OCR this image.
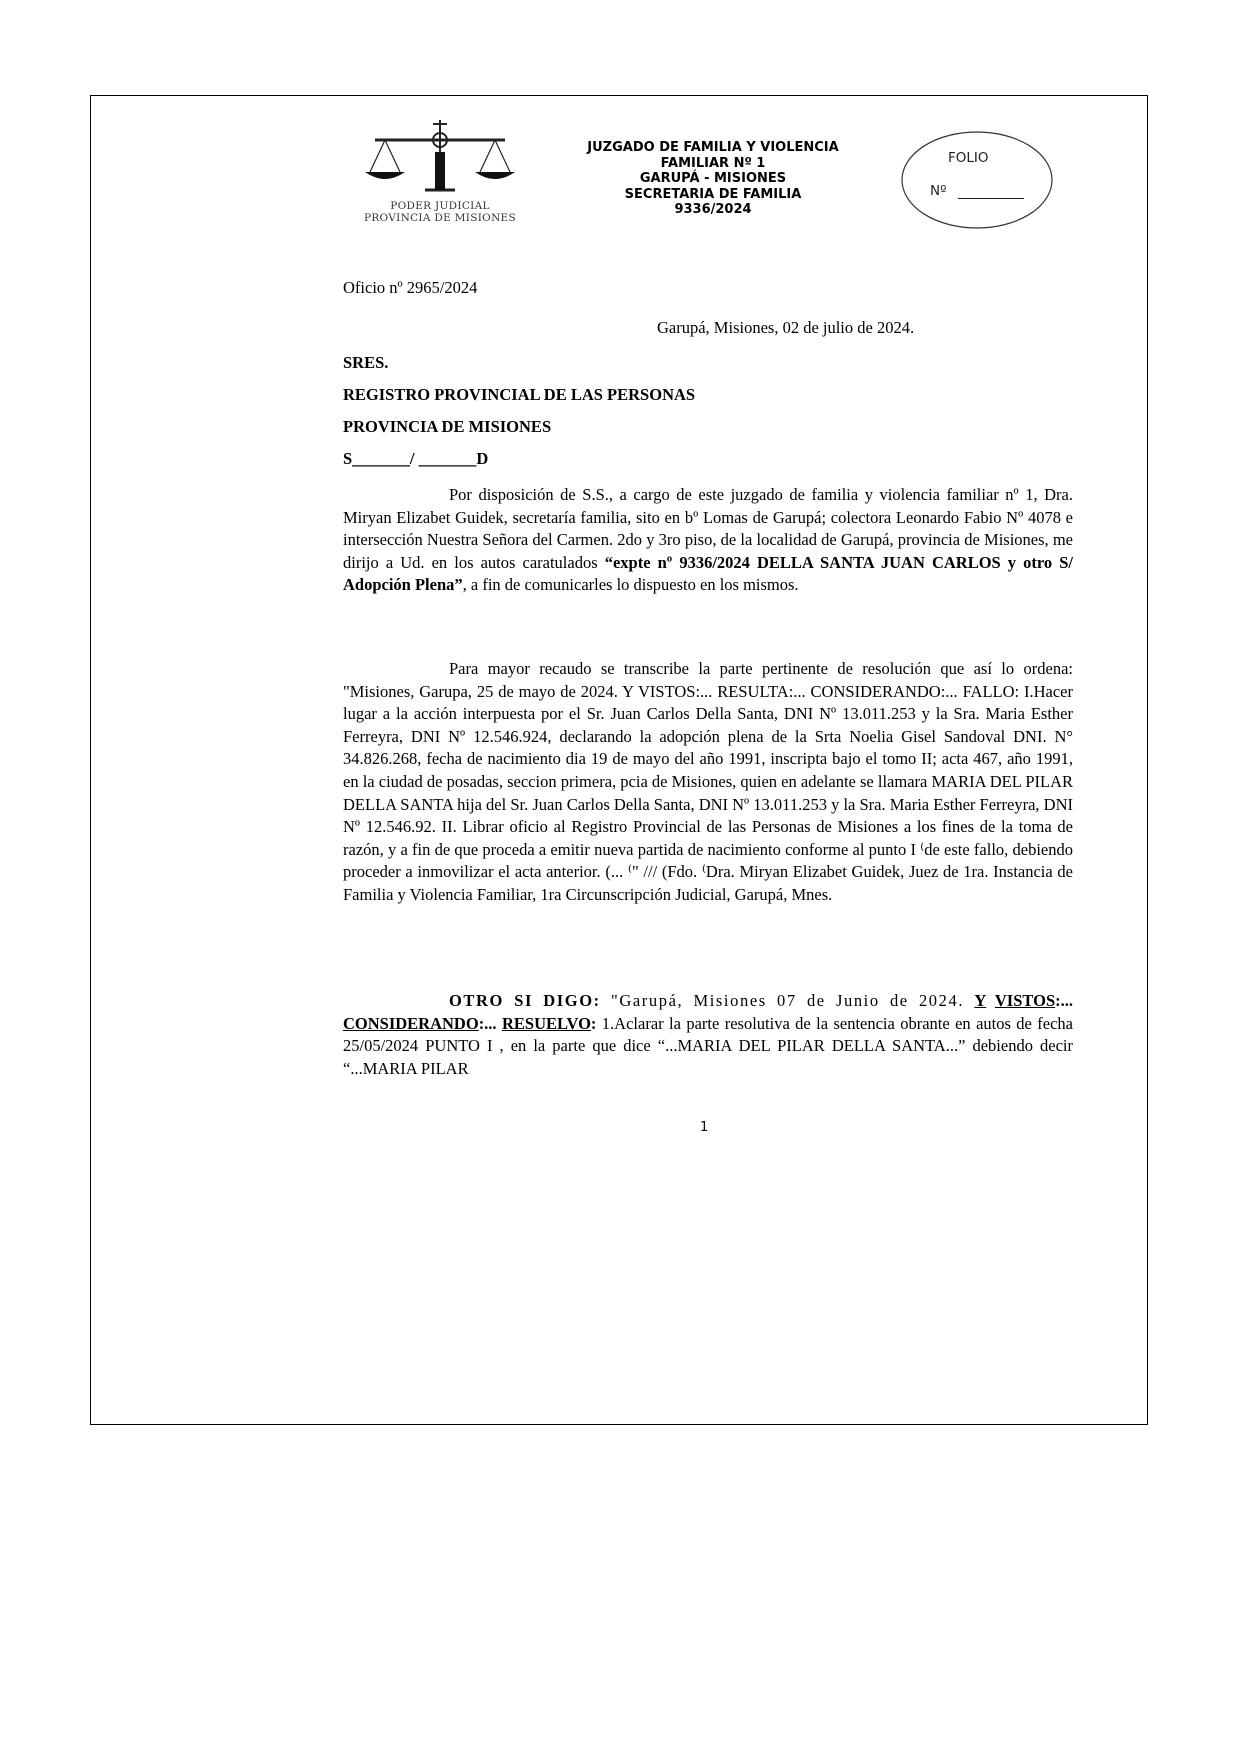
PODER JUDICIAL
PROVINCIA DE MISIONES
JUZGADO DE FAMILIA Y VIOLENCIA
FAMILIAR Nº 1
GARUPÁ - MISIONES
SECRETARIA DE FAMILIA
9336/2024
FOLIO
Nº
Oficio nº 2965/2024
Garupá, Misiones, 02 de julio de 2024.
SRES.
REGISTRO PROVINCIAL DE LAS PERSONAS
PROVINCIA DE MISIONES
S_______/ _______D
Por disposición de S.S., a cargo de este juzgado de familia y violencia familiar nº 1, Dra. Miryan Elizabet Guidek, secretaría familia, sito en bº Lomas de Garupá; colectora Leonardo Fabio Nº 4078 e intersección Nuestra Señora del Carmen. 2do y 3ro piso, de la localidad de Garupá, provincia de Misiones, me dirijo a Ud. en los autos caratulados “expte nº 9336/2024 DELLA SANTA JUAN CARLOS y otro S/ Adopción Plena”, a fin de comunicarles lo dispuesto en los mismos.
Para mayor recaudo se transcribe la parte pertinente de resolución que así lo ordena: "Misiones, Garupa, 25 de mayo de 2024. Y VISTOS:... RESULTA:... CONSIDERANDO:... FALLO: I.Hacer lugar a la acción interpuesta por el Sr. Juan Carlos Della Santa, DNI Nº 13.011.253 y la Sra. Maria Esther Ferreyra, DNI Nº 12.546.924, declarando la adopción plena de la Srta Noelia Gisel Sandoval DNI. N° 34.826.268, fecha de nacimiento dia 19 de mayo del año 1991, inscripta bajo el tomo II; acta 467, año 1991, en la ciudad de posadas, seccion primera, pcia de Misiones, quien en adelante se llamara MARIA DEL PILAR DELLA SANTA hija del Sr. Juan Carlos Della Santa, DNI Nº 13.011.253 y la Sra. Maria Esther Ferreyra, DNI Nº 12.546.92. II. Librar oficio al Registro Provincial de las Personas de Misiones a los fines de la toma de razón, y a fin de que proceda a emitir nueva partida de nacimiento conforme al punto I ⁽de este fallo, debiendo proceder a inmovilizar el acta anterior. (... ⁽" /// (Fdo. ⁽Dra. Miryan Elizabet Guidek, Juez de 1ra. Instancia de Familia y Violencia Familiar, 1ra Circunscripción Judicial, Garupá, Mnes.
OTRO SI DIGO: "Garupá, Misiones 07 de Junio de 2024. Y VISTOS:... CONSIDERANDO:... RESUELVO: 1.Aclarar la parte resolutiva de la sentencia obrante en autos de fecha 25/05/2024 PUNTO I , en la parte que dice “...MARIA DEL PILAR DELLA SANTA...” debiendo decir “...MARIA PILAR
1
